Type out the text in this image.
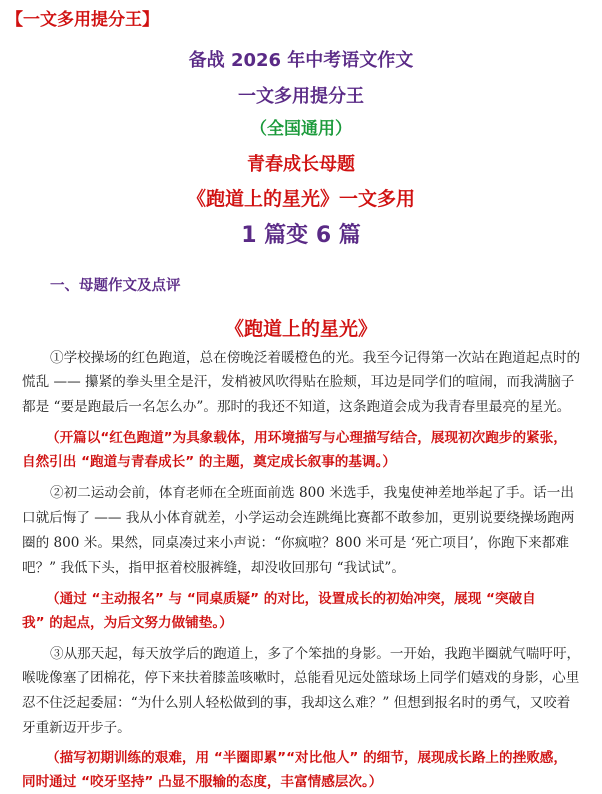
【一文多用提分王】
备战 2026 年中考语文作文
一文多用提分王
（全国通用）
青春成长母题
《跑道上的星光》一文多用
1 篇变 6 篇
一、母题作文及点评
《跑道上的星光》
①学校操场的红色跑道，总在傍晚泛着暖橙色的光。我至今记得第一次站在跑道起点时的
慌乱 —— 攥紧的拳头里全是汗，发梢被风吹得贴在脸颊，耳边是同学们的喧闹，而我满脑子
都是 “要是跑最后一名怎么办”。那时的我还不知道，这条跑道会成为我青春里最亮的星光。
（开篇以“红色跑道”为具象载体，用环境描写与心理描写结合，展现初次跑步的紧张，
自然引出 “跑道与青春成长” 的主题，奠定成长叙事的基调。）
②初二运动会前，体育老师在全班面前选 800 米选手，我鬼使神差地举起了手。话一出
口就后悔了 —— 我从小体育就差，小学运动会连跳绳比赛都不敢参加，更别说要绕操场跑两
圈的 800 米。果然，同桌凑过来小声说：“你疯啦？800 米可是 ‘死亡项目’，你跑下来都难
吧？” 我低下头，指甲抠着校服裤缝，却没收回那句 “我试试”。
（通过 “主动报名” 与 “同桌质疑” 的对比，设置成长的初始冲突，展现 “突破自
我” 的起点，为后文努力做铺垫。）
③从那天起，每天放学后的跑道上，多了个笨拙的身影。一开始，我跑半圈就气喘吁吁，
喉咙像塞了团棉花，停下来扶着膝盖咳嗽时，总能看见远处篮球场上同学们嬉戏的身影，心里
忍不住泛起委屈：“为什么别人轻松做到的事，我却这么难？” 但想到报名时的勇气，又咬着
牙重新迈开步子。
（描写初期训练的艰难，用 “半圈即累”“对比他人” 的细节，展现成长路上的挫败感，
同时通过 “咬牙坚持” 凸显不服输的态度，丰富情感层次。）
